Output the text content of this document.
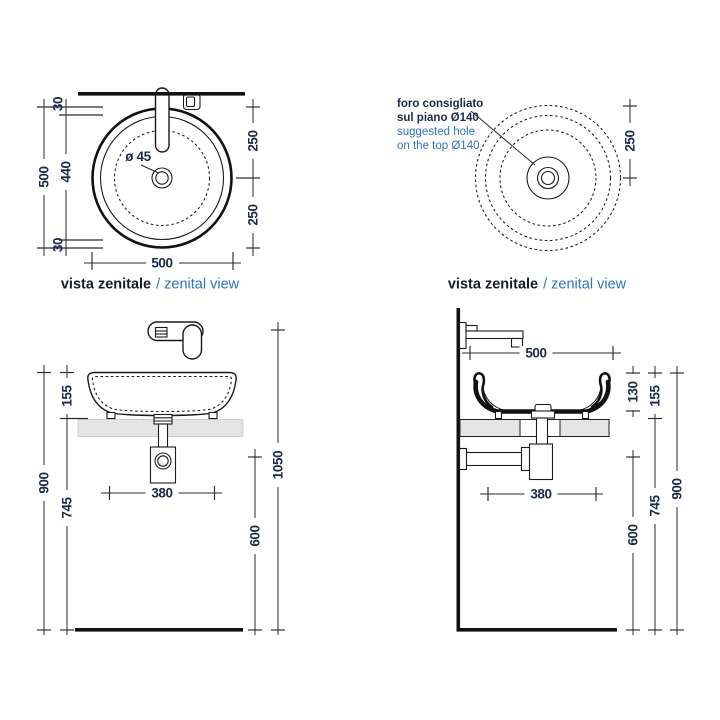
ø 45
500
30
440
30
250
250
500
vista zenitale / zenital view
foro consigliato
sul piano Ø140
suggested hole
on the top Ø140	250
vista zenitale / zenital view
155
745
900	380
600
1050
500
130
600
155
745
900
380
